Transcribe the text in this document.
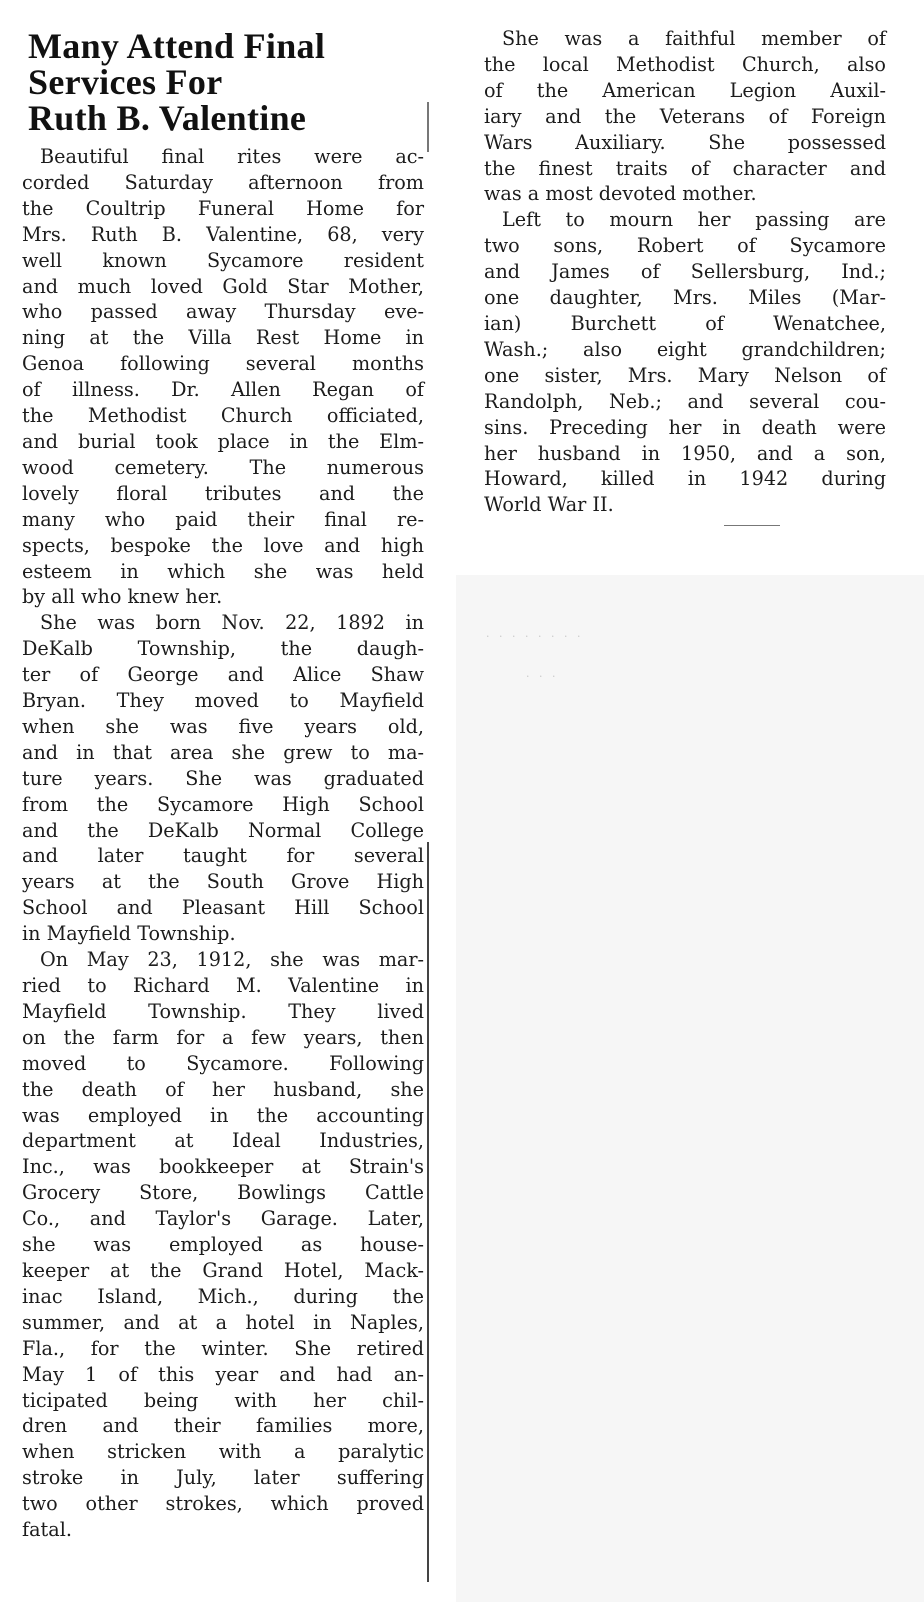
Many Attend Final
Services For
Ruth B. Valentine

Beautiful final rites were ac-
corded Saturday afternoon from
the Coultrip Funeral Home for
Mrs. Ruth B. Valentine, 68, very
well known Sycamore resident
and much loved Gold Star Mother,
who passed away Thursday eve-
ning at the Villa Rest Home in
Genoa following several months
of illness. Dr. Allen Regan of
the Methodist Church officiated,
and burial took place in the Elm-
wood cemetery. The numerous
lovely floral tributes and the
many who paid their final re-
spects, bespoke the love and high
esteem in which she was held
by all who knew her.

She was born Nov. 22, 1892 in
DeKalb Township, the daugh-
ter of George and Alice Shaw
Bryan. They moved to Mayfield
when she was five years old,
and in that area she grew to ma-
ture years. She was graduated
from the Sycamore High School
and the DeKalb Normal College
and later taught for several
years at the South Grove High
School and Pleasant Hill School
in Mayfield Township.

On May 23, 1912, she was mar-
ried to Richard M. Valentine in
Mayfield Township. They lived
on the farm for a few years, then
moved to Sycamore. Following
the death of her husband, she
was employed in the accounting
department at Ideal Industries,
Inc., was bookkeeper at Strain's
Grocery Store, Bowlings Cattle
Co., and Taylor's Garage. Later,
she was employed as house-
keeper at the Grand Hotel, Mack-
inac Island, Mich., during the
summer, and at a hotel in Naples,
Fla., for the winter. She retired
May 1 of this year and had an-
ticipated being with her chil-
dren and their families more,
when stricken with a paralytic
stroke in July, later suffering
two other strokes, which proved
fatal.

She was a faithful member of
the local Methodist Church, also
of the American Legion Auxil-
iary and the Veterans of Foreign
Wars Auxiliary. She possessed
the finest traits of character and
was a most devoted mother.

Left to mourn her passing are
two sons, Robert of Sycamore
and James of Sellersburg, Ind.;
one daughter, Mrs. Miles (Mar-
ian) Burchett of Wenatchee,
Wash.; also eight grandchildren;
one sister, Mrs. Mary Nelson of
Randolph, Neb.; and several cou-
sins. Preceding her in death were
her husband in 1950, and a son,
Howard, killed in 1942 during
World War II.

· · · · · · · ·
· · ·
